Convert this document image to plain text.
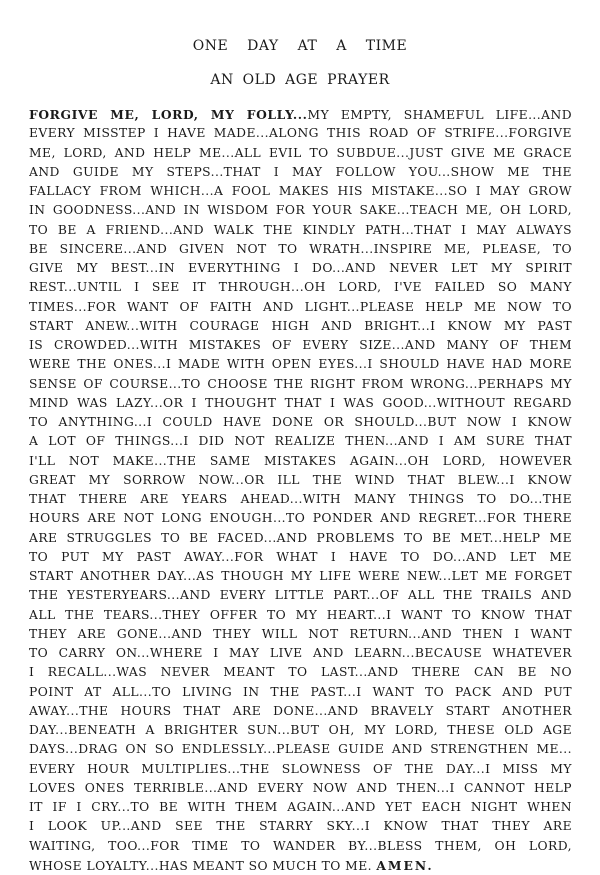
ONE DAY AT A TIME
AN OLD AGE PRAYER
FORGIVE ME, LORD, MY FOLLY...MY EMPTY, SHAMEFUL LIFE...AND
EVERY MISSTEP I HAVE MADE...ALONG THIS ROAD OF STRIFE...FORGIVE
ME, LORD, AND HELP ME...ALL EVIL TO SUBDUE...JUST GIVE ME GRACE
AND GUIDE MY STEPS...THAT I MAY FOLLOW YOU...SHOW ME THE
FALLACY FROM WHICH...A FOOL MAKES HIS MISTAKE...SO I MAY GROW
IN GOODNESS...AND IN WISDOM FOR YOUR SAKE...TEACH ME, OH LORD,
TO BE A FRIEND...AND WALK THE KINDLY PATH...THAT I MAY ALWAYS
BE SINCERE...AND GIVEN NOT TO WRATH...INSPIRE ME, PLEASE, TO
GIVE MY BEST...IN EVERYTHING I DO...AND NEVER LET MY SPIRIT
REST...UNTIL I SEE IT THROUGH...OH LORD, I'VE FAILED SO MANY
TIMES...FOR WANT OF FAITH AND LIGHT...PLEASE HELP ME NOW TO
START ANEW...WITH COURAGE HIGH AND BRIGHT...I KNOW MY PAST
IS CROWDED...WITH MISTAKES OF EVERY SIZE...AND MANY OF THEM
WERE THE ONES...I MADE WITH OPEN EYES...I SHOULD HAVE HAD MORE
SENSE OF COURSE...TO CHOOSE THE RIGHT FROM WRONG...PERHAPS MY
MIND WAS LAZY...OR I THOUGHT THAT I WAS GOOD...WITHOUT REGARD
TO ANYTHING...I COULD HAVE DONE OR SHOULD...BUT NOW I KNOW
A LOT OF THINGS...I DID NOT REALIZE THEN...AND I AM SURE THAT
I'LL NOT MAKE...THE SAME MISTAKES AGAIN...OH LORD, HOWEVER
GREAT MY SORROW NOW...OR ILL THE WIND THAT BLEW...I KNOW
THAT THERE ARE YEARS AHEAD...WITH MANY THINGS TO DO...THE
HOURS ARE NOT LONG ENOUGH...TO PONDER AND REGRET...FOR THERE
ARE STRUGGLES TO BE FACED...AND PROBLEMS TO BE MET...HELP ME
TO PUT MY PAST AWAY...FOR WHAT I HAVE TO DO...AND LET ME
START ANOTHER DAY...AS THOUGH MY LIFE WERE NEW...LET ME FORGET
THE YESTERYEARS...AND EVERY LITTLE PART...OF ALL THE TRAILS AND
ALL THE TEARS...THEY OFFER TO MY HEART...I WANT TO KNOW THAT
THEY ARE GONE...AND THEY WILL NOT RETURN...AND THEN I WANT
TO CARRY ON...WHERE I MAY LIVE AND LEARN...BECAUSE WHATEVER
I RECALL...WAS NEVER MEANT TO LAST...AND THERE CAN BE NO
POINT AT ALL...TO LIVING IN THE PAST...I WANT TO PACK AND PUT
AWAY...THE HOURS THAT ARE DONE...AND BRAVELY START ANOTHER
DAY...BENEATH A BRIGHTER SUN...BUT OH, MY LORD, THESE OLD AGE
DAYS...DRAG ON SO ENDLESSLY...PLEASE GUIDE AND STRENGTHEN ME...
EVERY HOUR MULTIPLIES...THE SLOWNESS OF THE DAY...I MISS MY
LOVES ONES TERRIBLE...AND EVERY NOW AND THEN...I CANNOT HELP
IT IF I CRY...TO BE WITH THEM AGAIN...AND YET EACH NIGHT WHEN
I LOOK UP...AND SEE THE STARRY SKY...I KNOW THAT THEY ARE
WAITING, TOO...FOR TIME TO WANDER BY...BLESS THEM, OH LORD,
WHOSE LOYALTY...HAS MEANT SO MUCH TO ME. AMEN.
